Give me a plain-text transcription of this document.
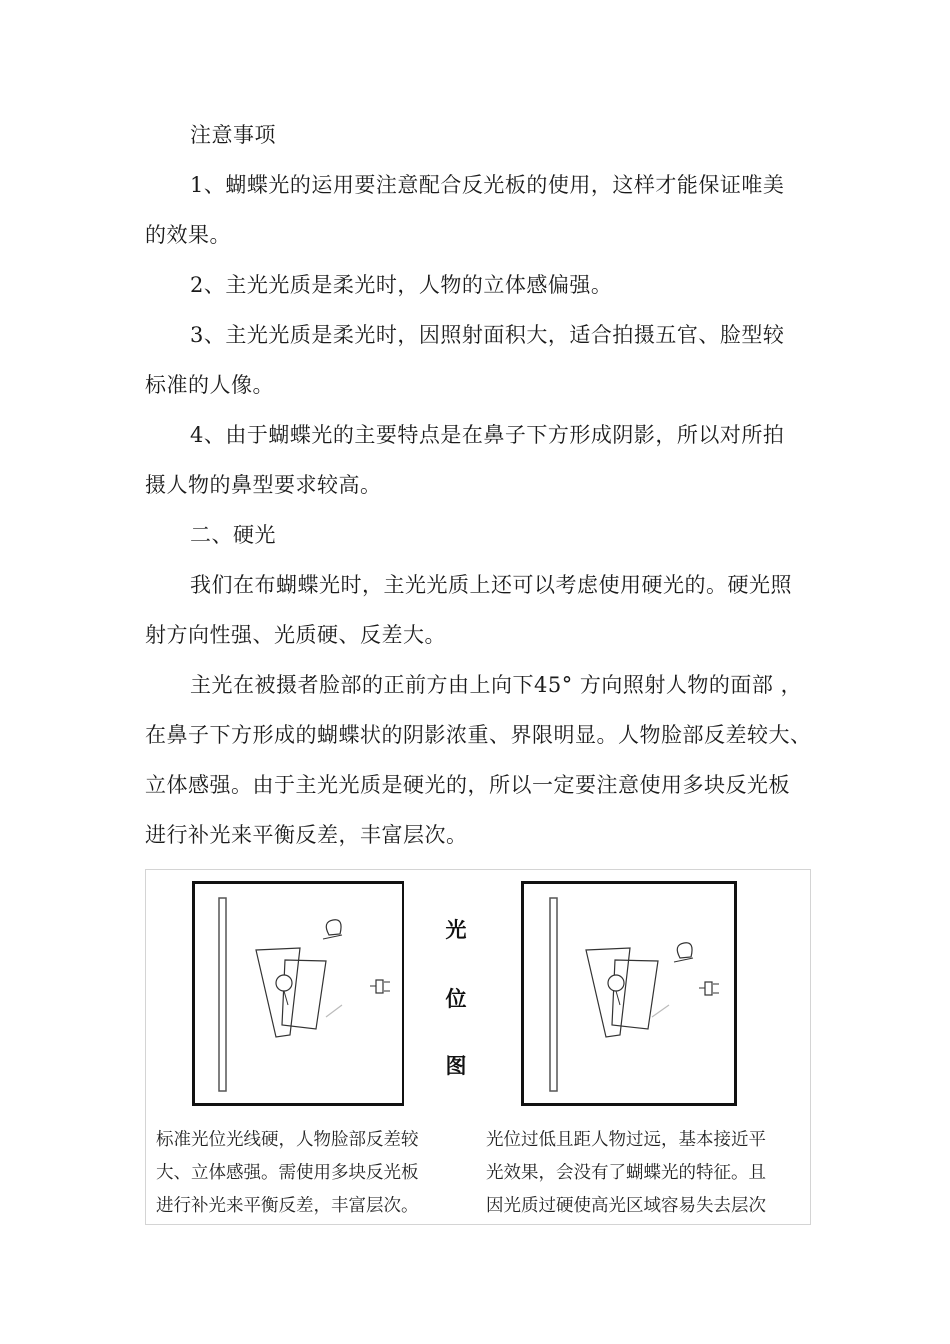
注意事项

1、蝴蝶光的运用要注意配合反光板的使用，这样才能保证唯美
的效果。

2、主光光质是柔光时，人物的立体感偏强。

3、主光光质是柔光时，因照射面积大，适合拍摄五官、脸型较
标准的人像。

4、由于蝴蝶光的主要特点是在鼻子下方形成阴影，所以对所拍
摄人物的鼻型要求较高。

二、硬光

我们在布蝴蝶光时，主光光质上还可以考虑使用硬光的。硬光照
射方向性强、光质硬、反差大。

主光在被摄者脸部的正前方由上向下45° 方向照射人物的面部 ，
在鼻子下方形成的蝴蝶状的阴影浓重、界限明显。人物脸部反差较大、
立体感强。由于主光光质是硬光的，所以一定要注意使用多块反光板
进行补光来平衡反差，丰富层次。

光
位
图

标准光位光线硬，人物脸部反差较
大、立体感强。需使用多块反光板
进行补光来平衡反差，丰富层次。

光位过低且距人物过远，基本接近平
光效果，会没有了蝴蝶光的特征。且
因光质过硬使高光区域容易失去层次
